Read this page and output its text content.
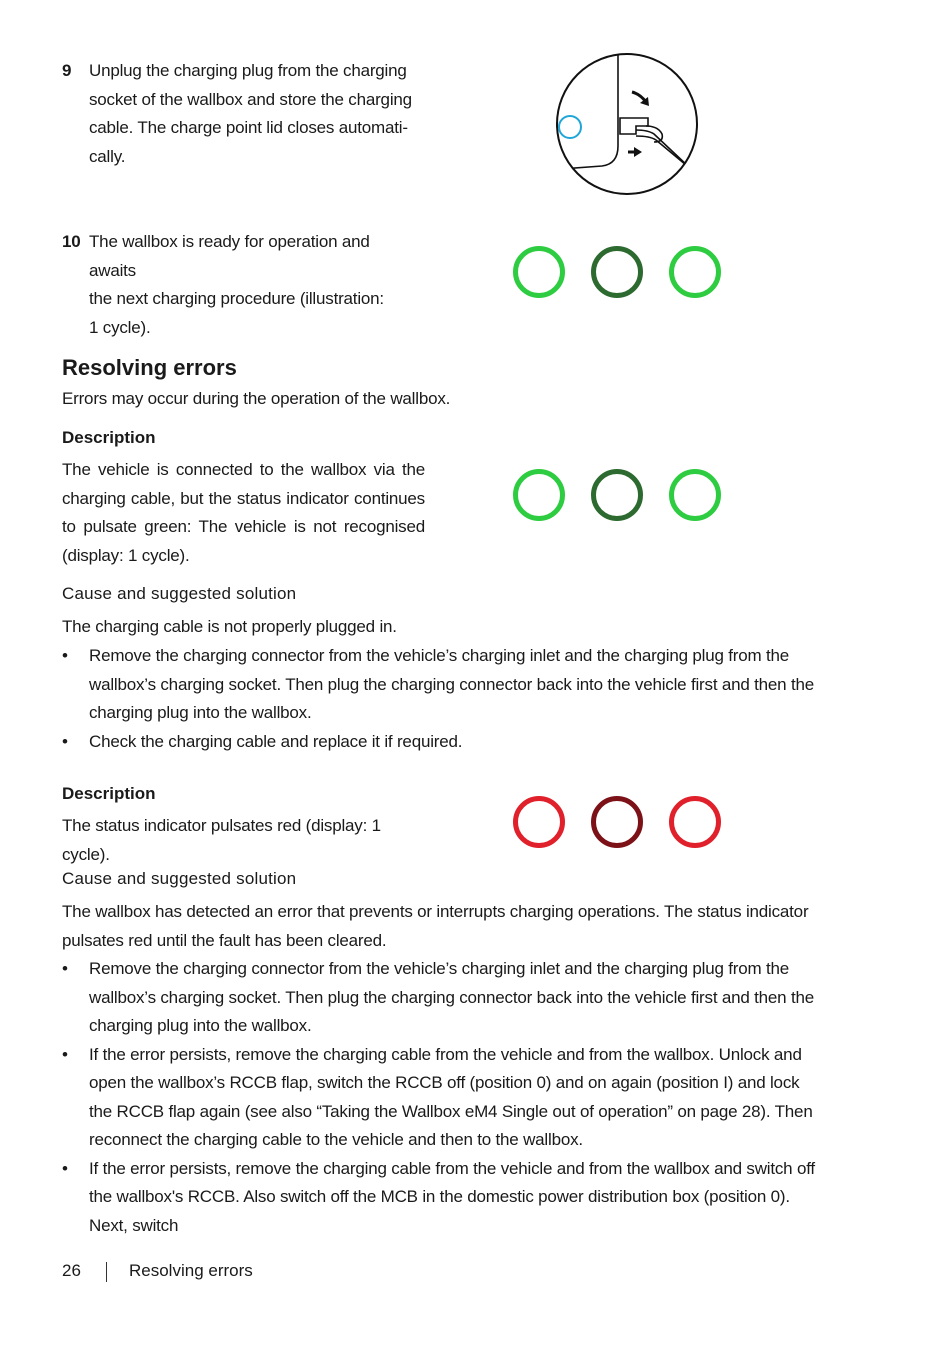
9 Unplug the charging plug from the charging
socket of the wallbox and store the charging
cable. The charge point lid closes automati-
cally.
10 The wallbox is ready for operation and awaits
the next charging procedure (illustration:
1 cycle).
Resolving errors
Errors may occur during the operation of the wallbox.
Description
The vehicle is connected to the wallbox via the charging cable, but the status indicator continues to pulsate green: The vehicle is not recognised (display: 1 cycle).
Cause and suggested solution
The charging cable is not properly plugged in.
• Remove the charging connector from the vehicle’s charging inlet and the charging plug from the wallbox’s charging socket. Then plug the charging connector back into the vehicle first and then the charging plug into the wallbox.
• Check the charging cable and replace it if required.
Description
The status indicator pulsates red (display: 1 cycle).
Cause and suggested solution
The wallbox has detected an error that prevents or interrupts charging operations. The status indicator pulsates red until the fault has been cleared.
• Remove the charging connector from the vehicle’s charging inlet and the charging plug from the wallbox’s charging socket. Then plug the charging connector back into the vehicle first and then the charging plug into the wallbox.
• If the error persists, remove the charging cable from the vehicle and from the wallbox. Unlock and open the wallbox’s RCCB flap, switch the RCCB off (position 0) and on again (position I) and lock the RCCB flap again (see also “Taking the Wallbox eM4 Single out of operation” on page 28). Then reconnect the charging cable to the vehicle and then to the wallbox.
• If the error persists, remove the charging cable from the vehicle and from the wallbox and switch off the wallbox's RCCB. Also switch off the MCB in the domestic power distribution box (position 0). Next, switch
26	Resolving errors
